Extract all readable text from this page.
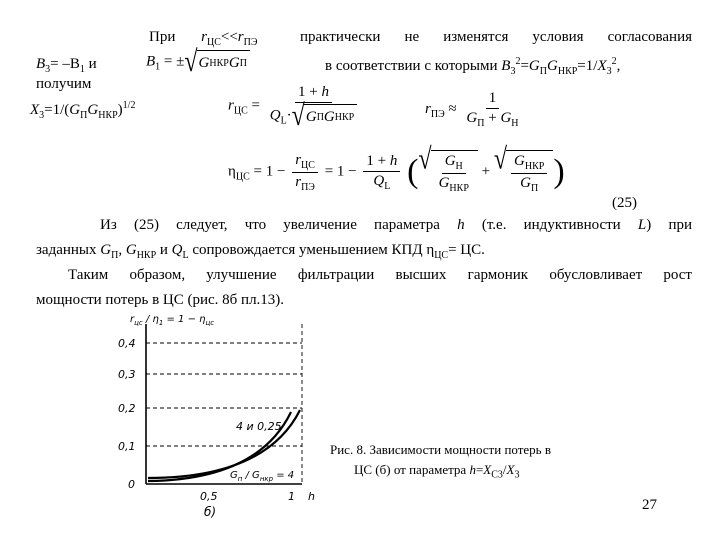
При $r_{ЦС}<<r_{ПЭ}$	практически не изменятся условия согласования
$B_3= -B_1$ и	$B_1$ = ± √ G НКР G П	в соответствии с которыми $B_3^2=G_ПG_{НКР}=1/X_3^2$,
получим
$X_3=1/(G_ПG_{НКР})^{1/2}$	$r_{ЦС} = \frac{1 + h}{Q_L\cdot √ G П G НКР}$	$r_{ПЭ} \approx \frac{1}{G_П + G_Н}$
$\eta_{ЦС} = 1 - \frac{r_{ЦС}}{r_{ПЭ}} = 1 - \frac{1 + h}{Q_L}$ ( √ $\frac{G_Н}{G_{НКР}}$ + √ $\frac{G_{НКР}}{G_П}$ )
(25)
Из (25) следует, что увеличение параметра h (т.е. индуктивности L) при
заданных $G_П$, $G_{НКР}$ и $Q_L$ сопровождается уменьшением КПД $\eta_{ЦС}=$ ЦС.
Таким образом, улучшение фильтрации высших гармоник обусловливает рост
мощности потерь в ЦС (рис. 8б пл.13).
0,4
0,3
0,2
0,1
0
$r_{цс} / \eta_1 = 1 - \eta_{цс}$
4 и 0,25
$G_п / G_{нкр} = 4$
0,5	1 h
б)
Рис. 8. Зависимости мощности потерь в
ЦС (б) от параметра $h=X_{C3}/X_3$
27
